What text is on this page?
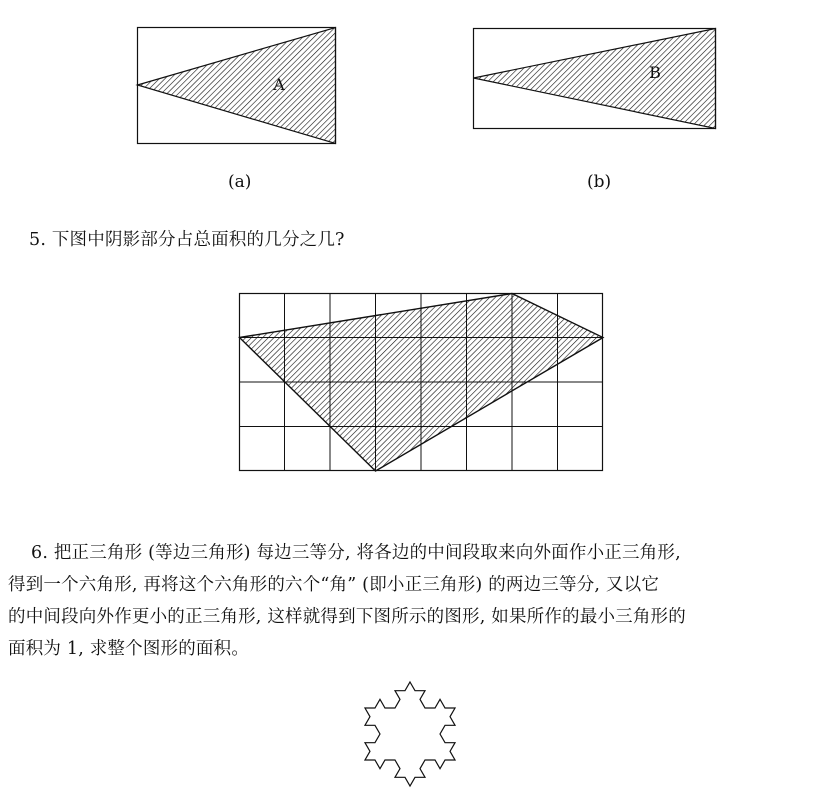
A
(a)
B
(b)
5. 下图中阴影部分占总面积的几分之几?
6. 把正三角形 (等边三角形) 每边三等分, 将各边的中间段取来向外面作小正三角形,
得到一个六角形, 再将这个六角形的六个“角” (即小正三角形) 的两边三等分, 又以它
的中间段向外作更小的正三角形, 这样就得到下图所示的图形, 如果所作的最小三角形的
面积为 1, 求整个图形的面积。
